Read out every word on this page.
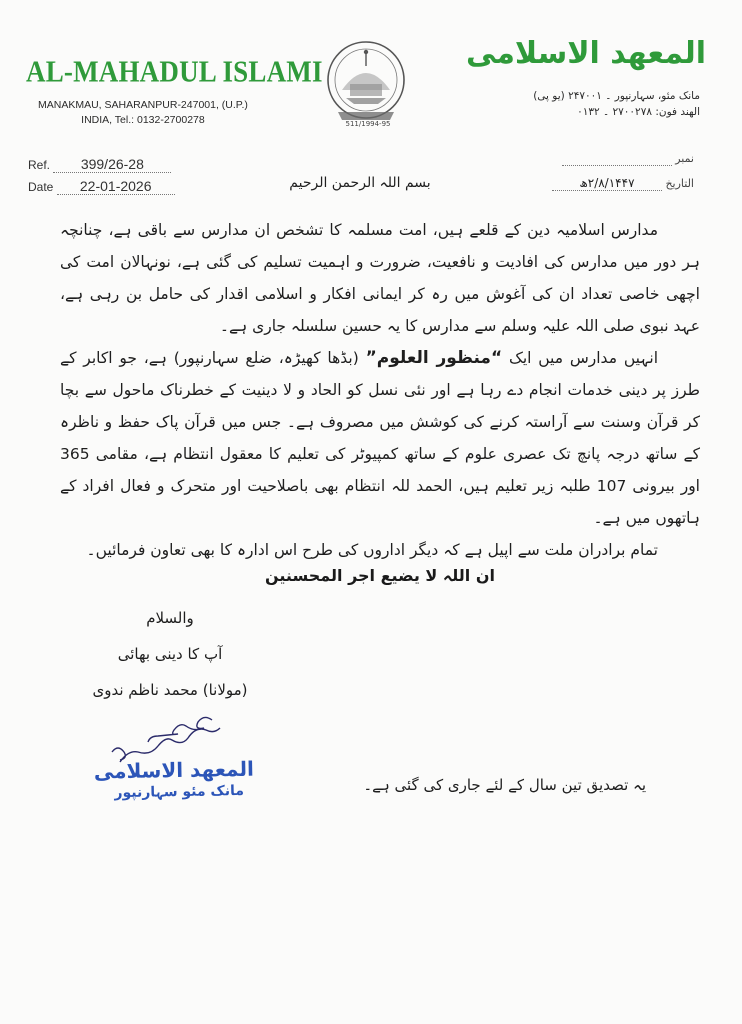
AL-MAHADUL ISLAMI
MANAKMAU, SAHARANPUR-247001, (U.P.)
INDIA, Tel.: 0132-2700278	511/1994-95
المعهد الاسلامی
مانک مئو، سہارنپور ۔ ۲۴۷۰۰۱ (یو پی)
الھند فون: ۲۷۰۰۲۷۸ ۔ ۰۱۳۲
Ref. 399/26-28
Date 22-01-2026
نمبر
التاریخ ۲/۸/۱۴۴۷ھ
بسم اللہ الرحمن الرحیم

مدارس اسلامیہ دین کے قلعے ہیں، امت مسلمہ کا تشخص ان مدارس سے باقی ہے، چنانچہ ہر دور میں مدارس کی افادیت و نافعیت، ضرورت و اہمیت تسلیم کی گئی ہے، نونہالان امت کی اچھی خاصی تعداد ان کی آغوش میں رہ کر ایمانی افکار و اسلامی اقدار کی حامل بن رہی ہے، عہد نبوی صلی اللہ علیہ وسلم سے مدارس کا یہ حسین سلسلہ جاری ہے۔

انہیں مدارس میں ایک “منظور العلوم” (بڈھا کھیڑہ، ضلع سہارنپور) ہے، جو اکابر کے طرز پر دینی خدمات انجام دے رہا ہے اور نئی نسل کو الحاد و لا دینیت کے خطرناک ماحول سے بچا کر قرآن وسنت سے آراستہ کرنے کی کوشش میں مصروف ہے۔ جس میں قرآن پاک حفظ و ناظرہ کے ساتھ درجہ پانچ تک عصری علوم کے ساتھ کمپیوٹر کی تعلیم کا معقول انتظام ہے، مقامی 365 اور بیرونی 107 طلبہ زیر تعلیم ہیں، الحمد للہ انتظام بھی باصلاحیت اور متحرک و فعال افراد کے ہاتھوں میں ہے۔

تمام برادران ملت سے اپیل ہے کہ دیگر اداروں کی طرح اس ادارہ کا بھی تعاون فرمائیں۔

ان اللہ لا یضیع اجر المحسنین
والسلام
آپ کا دینی بھائی
(مولانا) محمد ناظم ندوی
المعهد الاسلامی
مانک مئو سہارنپور	یہ تصدیق تین سال کے لئے جاری کی گئی ہے۔
